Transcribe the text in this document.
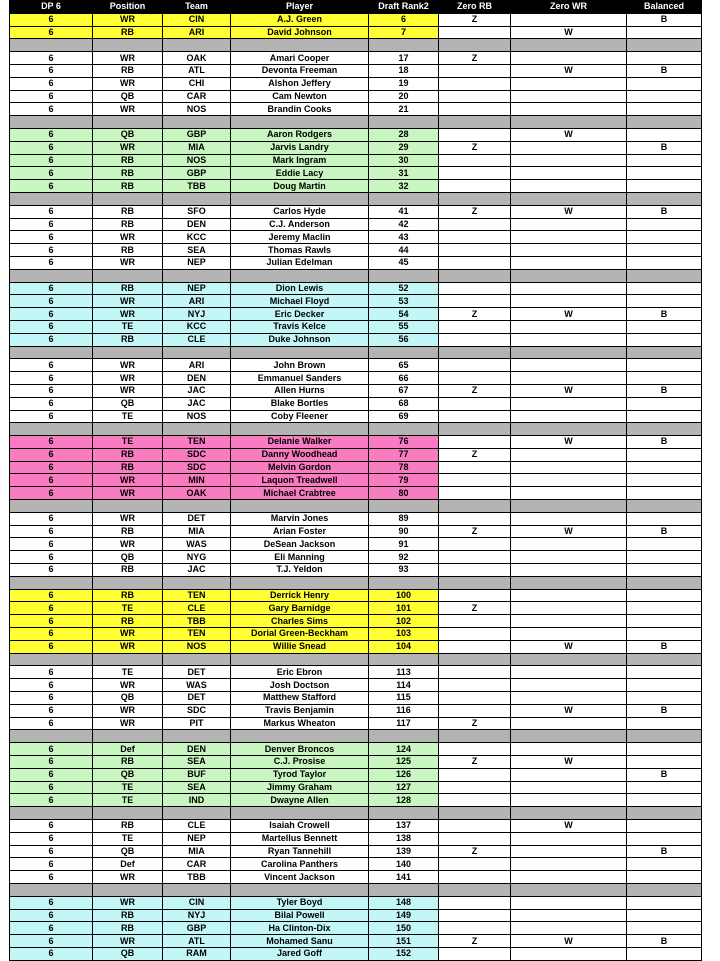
DP 6	Position	Team	Player	Draft Rank2	Zero RB	Zero WR	Balanced
6	WR	CIN	A.J. Green	6	Z		B
6	RB	ARI	David Johnson	7		W	

6	WR	OAK	Amari Cooper	17	Z		
6	RB	ATL	Devonta Freeman	18		W	B
6	WR	CHI	Alshon Jeffery	19			
6	QB	CAR	Cam Newton	20			
6	WR	NOS	Brandin Cooks	21			

6	QB	GBP	Aaron Rodgers	28		W	
6	WR	MIA	Jarvis Landry	29	Z		B
6	RB	NOS	Mark Ingram	30			
6	RB	GBP	Eddie Lacy	31			
6	RB	TBB	Doug Martin	32			

6	RB	SFO	Carlos Hyde	41	Z	W	B
6	RB	DEN	C.J. Anderson	42			
6	WR	KCC	Jeremy Maclin	43			
6	RB	SEA	Thomas Rawls	44			
6	WR	NEP	Julian Edelman	45			

6	RB	NEP	Dion Lewis	52			
6	WR	ARI	Michael Floyd	53			
6	WR	NYJ	Eric Decker	54	Z	W	B
6	TE	KCC	Travis Kelce	55			
6	RB	CLE	Duke Johnson	56			

6	WR	ARI	John Brown	65			
6	WR	DEN	Emmanuel Sanders	66			
6	WR	JAC	Allen Hurns	67	Z	W	B
6	QB	JAC	Blake Bortles	68			
6	TE	NOS	Coby Fleener	69			

6	TE	TEN	Delanie Walker	76		W	B
6	RB	SDC	Danny Woodhead	77	Z		
6	RB	SDC	Melvin Gordon	78			
6	WR	MIN	Laquon Treadwell	79			
6	WR	OAK	Michael Crabtree	80			

6	WR	DET	Marvin Jones	89			
6	RB	MIA	Arian Foster	90	Z	W	B
6	WR	WAS	DeSean Jackson	91			
6	QB	NYG	Eli Manning	92			
6	RB	JAC	T.J. Yeldon	93			

6	RB	TEN	Derrick Henry	100			
6	TE	CLE	Gary Barnidge	101	Z		
6	RB	TBB	Charles Sims	102			
6	WR	TEN	Dorial Green-Beckham	103			
6	WR	NOS	Willie Snead	104		W	B

6	TE	DET	Eric Ebron	113			
6	WR	WAS	Josh Doctson	114			
6	QB	DET	Matthew Stafford	115			
6	WR	SDC	Travis Benjamin	116		W	B
6	WR	PIT	Markus Wheaton	117	Z		

6	Def	DEN	Denver Broncos	124			
6	RB	SEA	C.J. Prosise	125	Z	W	
6	QB	BUF	Tyrod Taylor	126			B
6	TE	SEA	Jimmy Graham	127			
6	TE	IND	Dwayne Allen	128			

6	RB	CLE	Isaiah Crowell	137		W	
6	TE	NEP	Martellus Bennett	138			
6	QB	MIA	Ryan Tannehill	139	Z		B
6	Def	CAR	Carolina Panthers	140			
6	WR	TBB	Vincent Jackson	141			

6	WR	CIN	Tyler Boyd	148			
6	RB	NYJ	Bilal Powell	149			
6	RB	GBP	Ha Clinton-Dix	150			
6	WR	ATL	Mohamed Sanu	151	Z	W	B
6	QB	RAM	Jared Goff	152			
